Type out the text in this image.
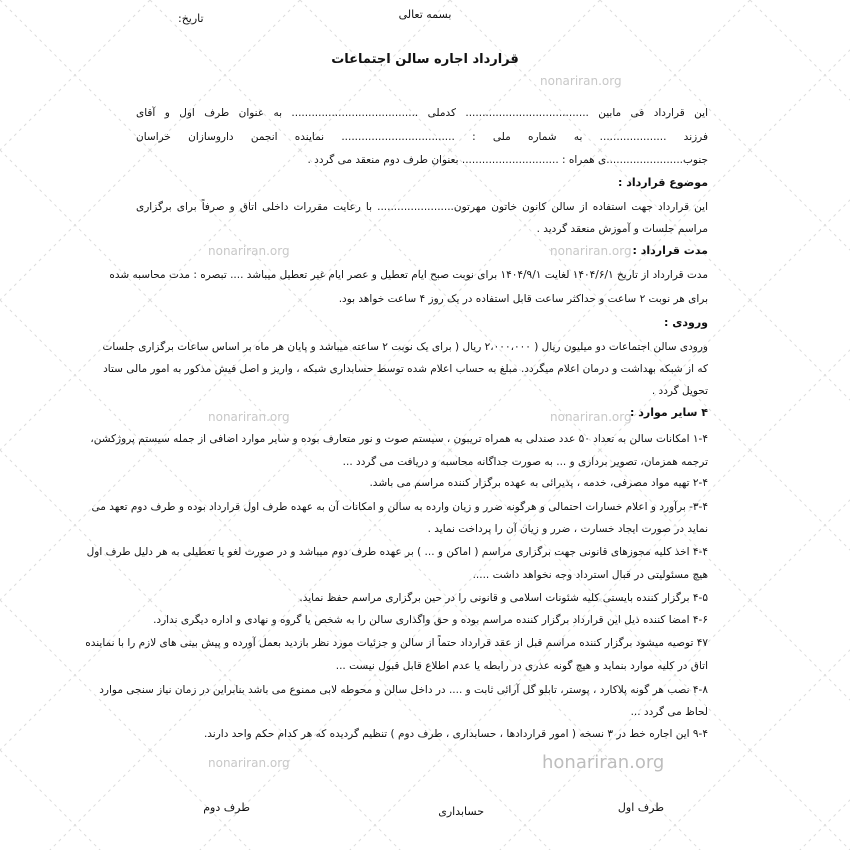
nonariran.org
nonariran.org	nonariran.org
nonariran.org	nonariran.org
nonariran.org	honariran.org
بسمه تعالی
تاریخ:
قرارداد اجاره سالن اجتماعات
این قرارداد فی مابین ..................................... کدملی ...................................... به عنوان طرف اول و آقای
فرزند .................... به شماره ملی : .................................. نماینده انجمن داروسازان خراسان
جنوب.......................ی همراه : ............................. بعنوان طرف دوم منعقد می گردد .
موضوع قرارداد :
این قرارداد جهت استفاده از سالن کانون خاتون مهرتون....................... با رعایت مقررات داخلی اتاق و صرفاً برای برگزاری
مراسم جلسات و آموزش منعقد گردید .
مدت قرارداد :
مدت قرارداد از تاریخ ۱۴۰۴/۶/۱ لغایت ۱۴۰۴/۹/۱ برای نوبت صبح ایام تعطیل و عصر ایام غیر تعطیل میباشد .... تبصره : مدت محاسبه شده
برای هر نوبت ۲ ساعت و حداکثر ساعت قابل استفاده در یک روز ۴ ساعت خواهد بود.
ورودی :
ورودی سالن اجتماعات دو میلیون ریال ( ۲،۰۰۰،۰۰۰ ریال ( برای یک نوبت ۲ ساعته میباشد و پایان هر ماه بر اساس ساعات برگزاری جلسات
که از شبکه بهداشت و درمان اعلام میگردد. مبلغ به حساب اعلام شده توسط حسابداری شبکه ، واریز و اصل فیش مذکور به امور مالی ستاد
تحویل گردد .
۴ سایر موارد :
۱-۴ امکانات سالن به تعداد ۵۰ عدد صندلی به همراه تریبون ، سیستم صوت و نور متعارف بوده و سایر موارد اضافی از جمله سیستم پروژکشن،
ترجمه همزمان، تصویر برداری و ... به صورت جداگانه محاسبه و دریافت می گردد ...
۲-۴ تهیه مواد مصرفی، خدمه ، پذیرائی به عهده برگزار کننده مراسم می باشد.
۳-۴- برآورد و اعلام خسارات احتمالی و هرگونه ضرر و زیان وارده به سالن و امکانات آن به عهده طرف اول قرارداد بوده و طرف دوم تعهد می
نماید در صورت ایجاد خسارت ، ضرر و زیان آن را پرداخت نماید .
۴-۴ اخذ کلیه مجوزهای قانونی جهت برگزاری مراسم ( اماکن و ... ) بر عهده طرف دوم میباشد و در صورت لغو یا تعطیلی به هر دلیل طرف اول
هیچ مسئولیتی در قبال استرداد وجه نخواهد داشت .....
۴-۵ برگزار کننده بایستی کلیه شئونات اسلامی و قانونی را در حین برگزاری مراسم حفظ نماید.
۴-۶ امضا کننده ذیل این قرارداد برگزار کننده مراسم بوده و حق واگذاری سالن را به شخص یا گروه و نهادی و اداره دیگری ندارد.
۴۷ توصیه میشود برگزار کننده مراسم قبل از عقد قرارداد حتماً از سالن و جزئیات مورد نظر بازدید بعمل آورده و پیش بینی های لازم را با نماینده
اتاق در کلیه موارد بنماید و هیچ گونه عذری در رابطه یا عدم اطلاع قابل قبول نیست ...
۴-۸ نصب هر گونه پلاکارد ، پوستر، تابلو گل آرائی ثابت و .... در داخل سالن و محوطه لابی ممنوع می باشد بنابراین در زمان نیاز سنجی موارد
لحاظ می گردد ...
۹-۴ این اجاره خط در ۳ نسخه ( امور قراردادها ، حسابداری ، طرف دوم ) تنظیم گردیده که هر کدام حکم واحد دارند.
طرف اول
حسابداری
طرف دوم
